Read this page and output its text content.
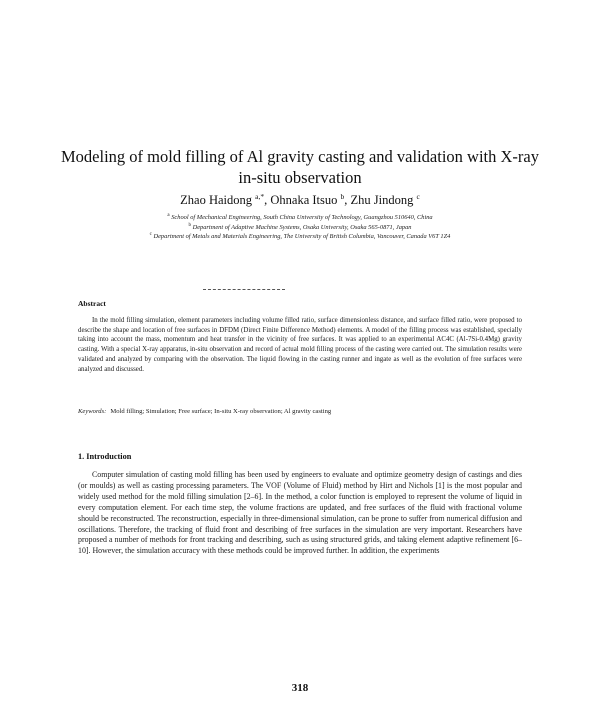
Modeling of mold filling of Al gravity casting and validation with X-ray in-situ observation
Zhao Haidong $^{a,*}$, Ohnaka Itsuo $^b$, Zhu Jindong $^c$
$^a$ School of Mechanical Engineering, South China University of Technology, Guangzhou 510640, China
$^b$ Department of Adaptive Machine Systems, Osaka University, Osaka 565-0871, Japan
$^c$ Department of Metals and Materials Engineering, The University of British Columbia, Vancouver, Canada V6T 1Z4
Abstract
In the mold filling simulation, element parameters including volume filled ratio, surface dimensionless distance, and surface filled ratio, were proposed to describe the shape and location of free surfaces in DFDM (Direct Finite Difference Method) elements. A model of the filling process was established, specially taking into account the mass, momentum and heat transfer in the vicinity of free surfaces. It was applied to an experimental AC4C (Al-7Si-0.4Mg) gravity casting. With a special X-ray apparatus, in-situ observation and record of actual mold filling process of the casting were carried out. The simulation results were validated and analyzed by comparing with the observation. The liquid flowing in the casting runner and ingate as well as the evolution of free surfaces were analyzed and discussed.
Keywords: Mold filling; Simulation; Free surface; In-situ X-ray observation; Al gravity casting
1. Introduction
Computer simulation of casting mold filling has been used by engineers to evaluate and optimize geometry design of castings and dies (or moulds) as well as casting processing parameters. The VOF (Volume of Fluid) method by Hirt and Nichols [1] is the most popular and widely used method for the mold filling simulation [2–6]. In the method, a color function is employed to represent the volume of liquid in every computation element. For each time step, the volume fractions are updated, and free surfaces of the fluid with fractional volume should be reconstructed. The reconstruction, especially in three-dimensional simulation, can be prone to suffer from numerical diffusion and oscillations. Therefore, the tracking of fluid front and describing of free surfaces in the simulation are very important. Researchers have proposed a number of methods for front tracking and describing, such as using structured grids, and taking element adaptive refinement [6–10]. However, the simulation accuracy with these methods could be improved further. In addition, the experiments
318
